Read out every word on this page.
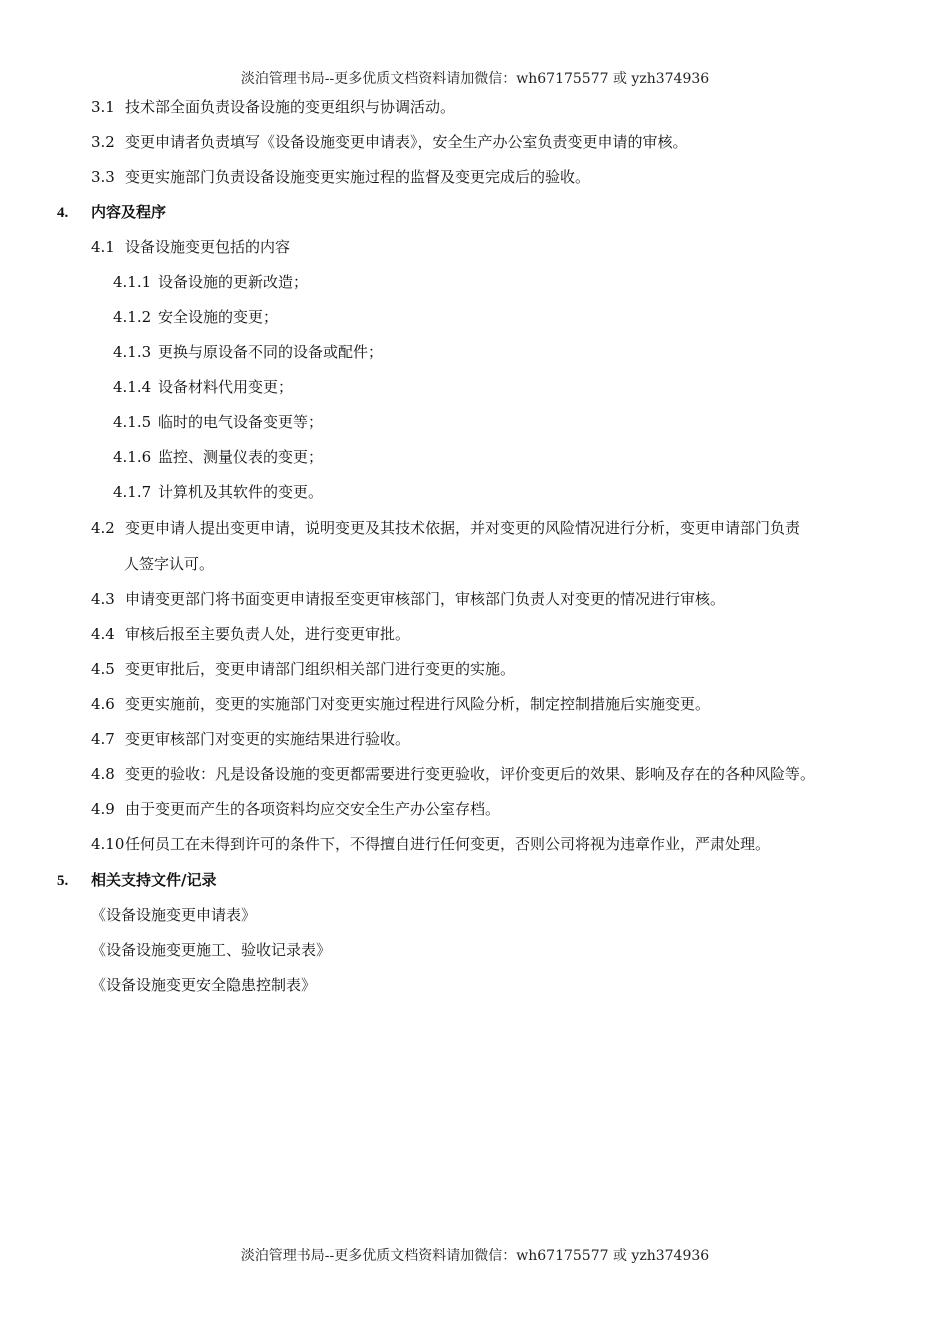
淡泊管理书局--更多优质文档资料请加微信：wh67175577 或 yzh374936
3.1 技术部全面负责设备设施的变更组织与协调活动。
3.2 变更申请者负责填写《设备设施变更申请表》，安全生产办公室负责变更申请的审核。
3.3 变更实施部门负责设备设施变更实施过程的监督及变更完成后的验收。
4. 内容及程序
4.1 设备设施变更包括的内容
4.1.1 设备设施的更新改造；
4.1.2 安全设施的变更；
4.1.3 更换与原设备不同的设备或配件；
4.1.4 设备材料代用变更；
4.1.5 临时的电气设备变更等；
4.1.6 监控、测量仪表的变更；
4.1.7 计算机及其软件的变更。
4.2 变更申请人提出变更申请，说明变更及其技术依据，并对变更的风险情况进行分析，变更申请部门负责
人签字认可。
4.3 申请变更部门将书面变更申请报至变更审核部门，审核部门负责人对变更的情况进行审核。
4.4 审核后报至主要负责人处，进行变更审批。
4.5 变更审批后，变更申请部门组织相关部门进行变更的实施。
4.6 变更实施前，变更的实施部门对变更实施过程进行风险分析，制定控制措施后实施变更。
4.7 变更审核部门对变更的实施结果进行验收。
4.8 变更的验收：凡是设备设施的变更都需要进行变更验收，评价变更后的效果、影响及存在的各种风险等。
4.9 由于变更而产生的各项资料均应交安全生产办公室存档。
4.10任何员工在未得到许可的条件下，不得擅自进行任何变更，否则公司将视为违章作业，严肃处理。
5. 相关支持文件/记录
《设备设施变更申请表》
《设备设施变更施工、验收记录表》
《设备设施变更安全隐患控制表》
淡泊管理书局--更多优质文档资料请加微信：wh67175577 或 yzh374936
